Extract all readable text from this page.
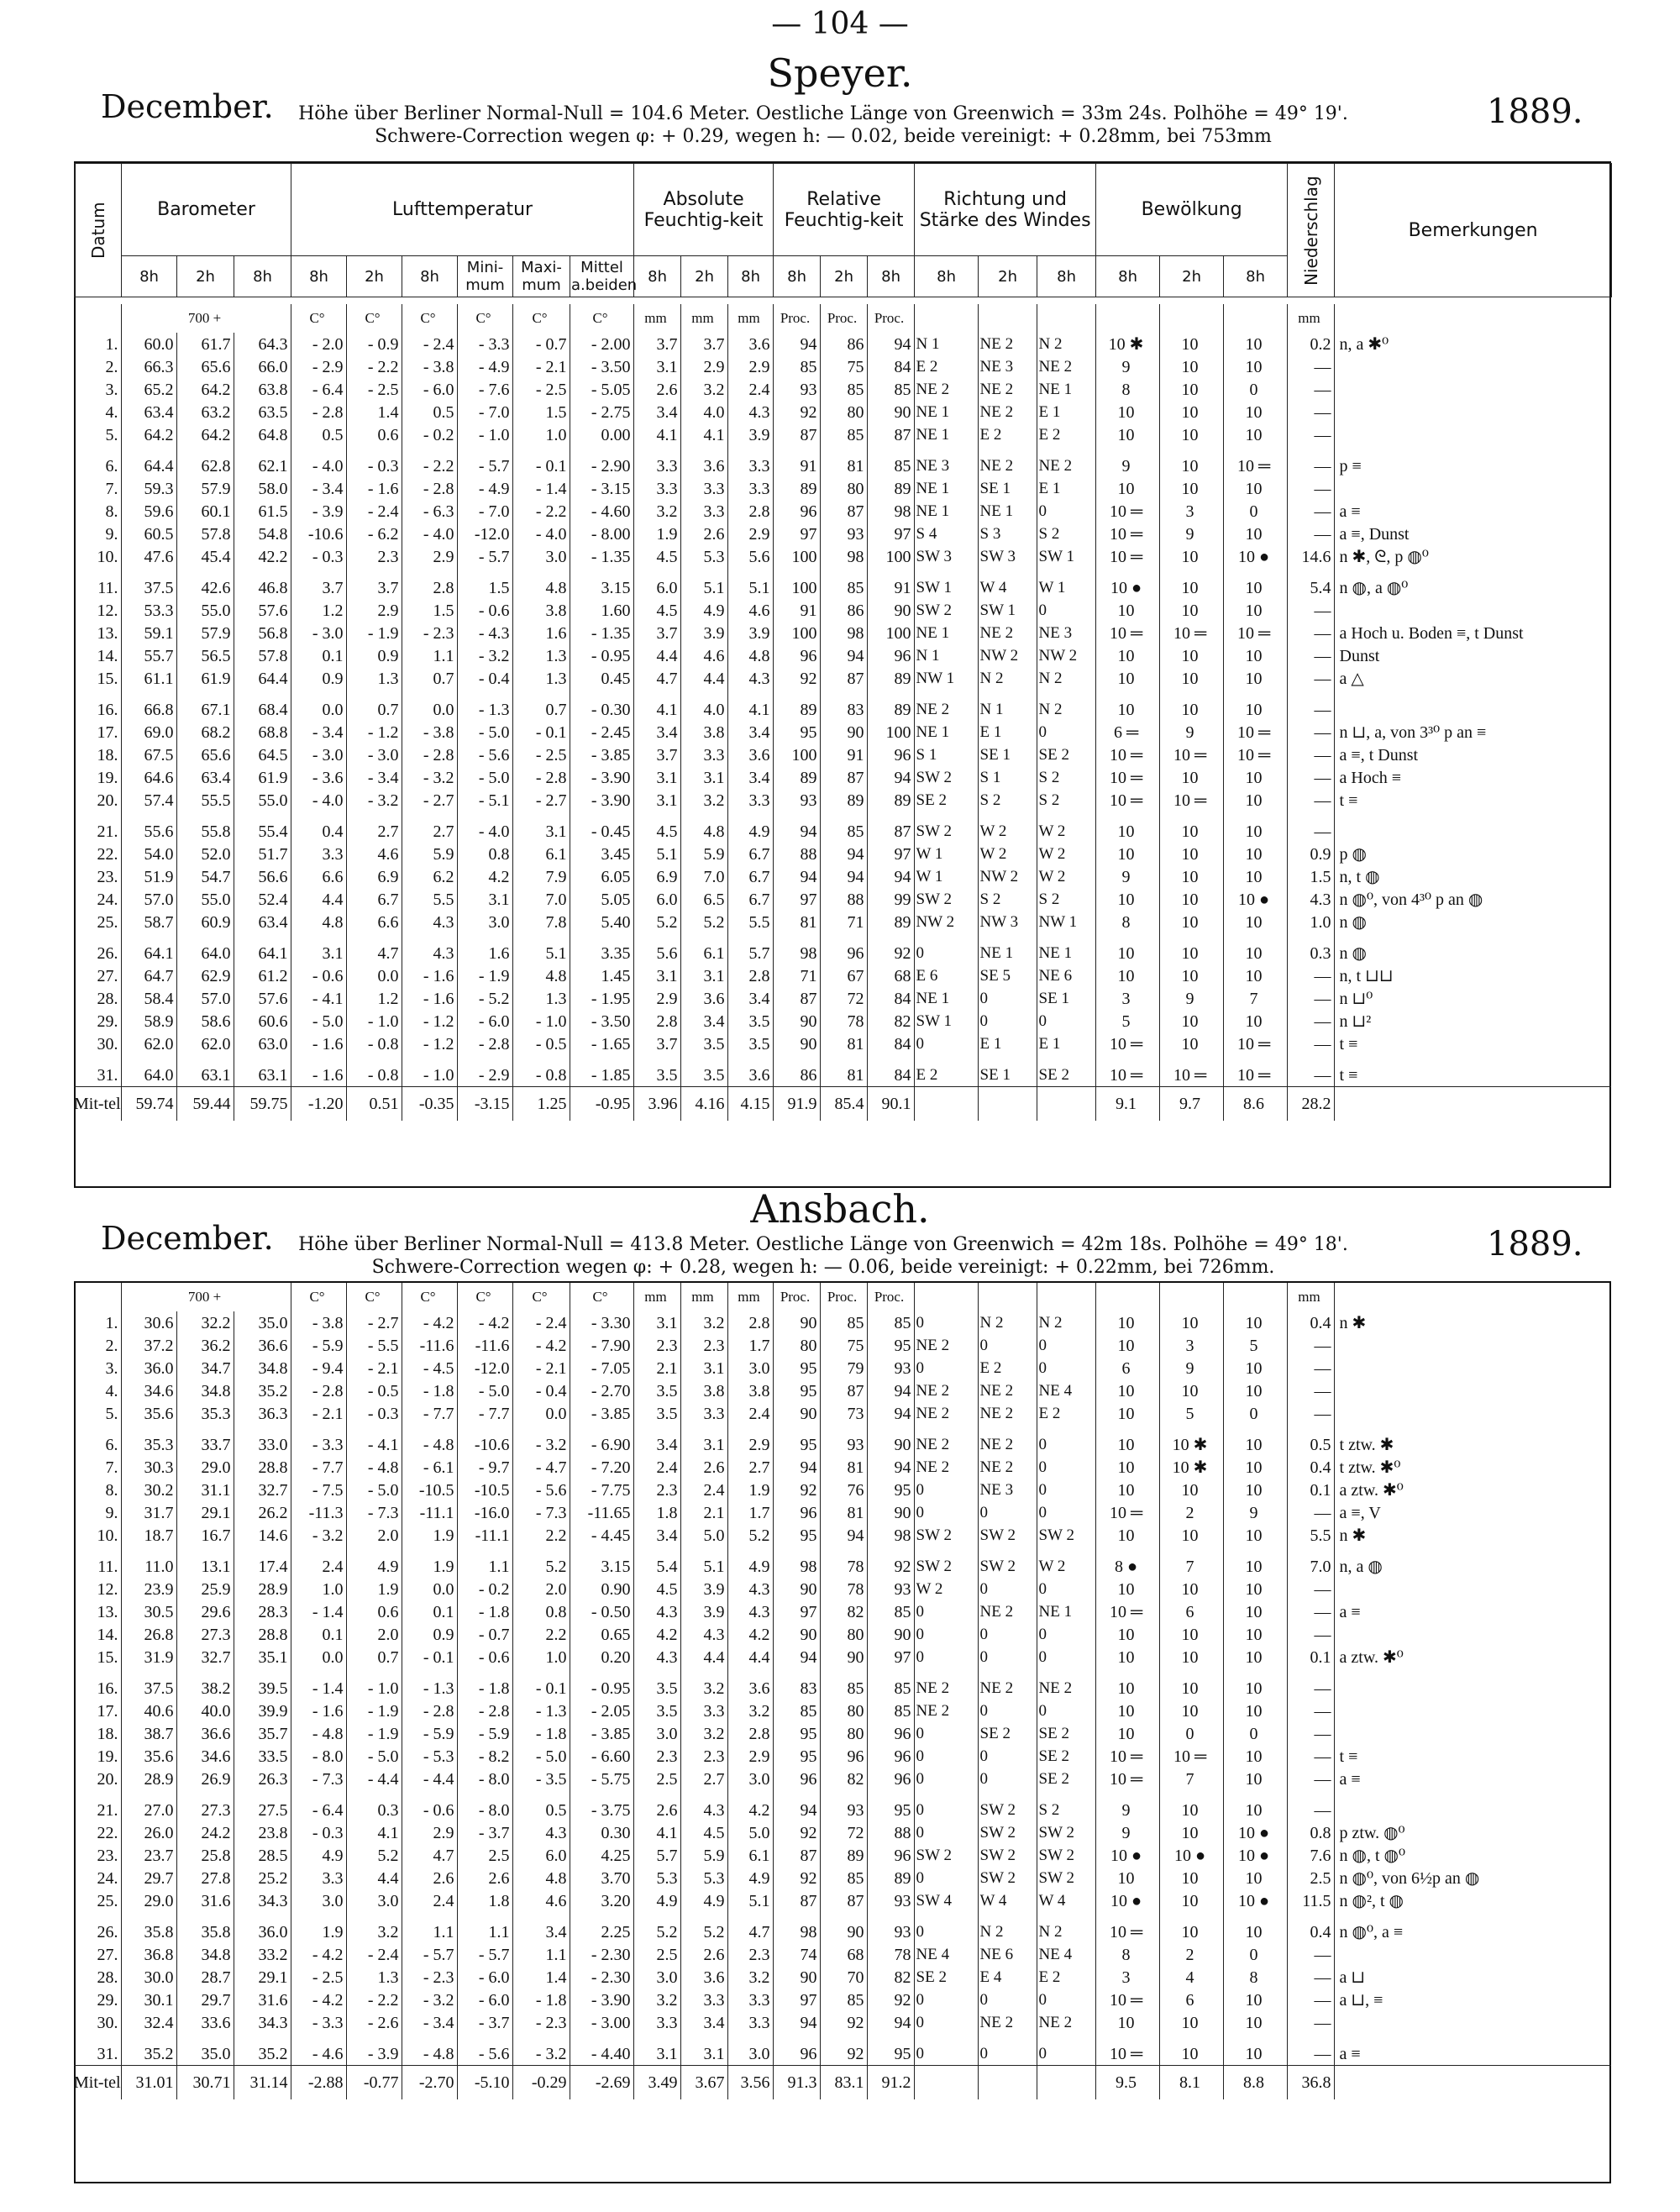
— 104 —
Speyer.
December.	1889.
Höhe über Berliner Normal-Null = 104.6 Meter. Oestliche Länge von Greenwich = 33m 24s. Polhöhe = 49° 19'.
Schwere-Correction wegen φ: + 0.29, wegen h: — 0.02, beide vereinigt: + 0.28mm, bei 753mm
Datum	Barometer			Lufttemperatur						Absolute Feuchtig-keit			Relative Feuchtig-keit			Richtung und Stärke des Windes			Bewölkung			Niederschlag	Bemerkungen
	8h	2h	8h	8h	2h	8h	Mini-mum	Maxi-mum	Mittel a.beiden	8h	2h	8h	8h	2h	8h	8h	2h	8h	8h	2h	8h		
	700 +			C°	C°	C°	C°	C°	C°	mm	mm	mm	Proc.	Proc.	Proc.							mm	
1.	60.0	61.7	64.3	- 2.0	- 0.9	- 2.4	- 3.3	- 0.7	- 2.00	3.7	3.7	3.6	94	86	94	N 1	NE 2	N 2	10 ✱	10	10	0.2	n, a ✱⁰
2.	66.3	65.6	66.0	- 2.9	- 2.2	- 3.8	- 4.9	- 2.1	- 3.50	3.1	2.9	2.9	85	75	84	E 2	NE 3	NE 2	9	10	10	—	
3.	65.2	64.2	63.8	- 6.4	- 2.5	- 6.0	- 7.6	- 2.5	- 5.05	2.6	3.2	2.4	93	85	85	NE 2	NE 2	NE 1	8	10	0	—	
4.	63.4	63.2	63.5	- 2.8	1.4	0.5	- 7.0	1.5	- 2.75	3.4	4.0	4.3	92	80	90	NE 1	NE 2	E 1	10	10	10	—	
5.	64.2	64.2	64.8	0.5	0.6	- 0.2	- 1.0	1.0	0.00	4.1	4.1	3.9	87	85	87	NE 1	E 2	E 2	10	10	10	—	
6.	64.4	62.8	62.1	- 4.0	- 0.3	- 2.2	- 5.7	- 0.1	- 2.90	3.3	3.6	3.3	91	81	85	NE 3	NE 2	NE 2	9	10	10 ═	—	p ≡
7.	59.3	57.9	58.0	- 3.4	- 1.6	- 2.8	- 4.9	- 1.4	- 3.15	3.3	3.3	3.3	89	80	89	NE 1	SE 1	E 1	10	10	10	—	
8.	59.6	60.1	61.5	- 3.9	- 2.4	- 6.3	- 7.0	- 2.2	- 4.60	3.2	3.3	2.8	96	87	98	NE 1	NE 1	0	10 ═	3	0	—	a ≡
9.	60.5	57.8	54.8	-10.6	- 6.2	- 4.0	-12.0	- 4.0	- 8.00	1.9	2.6	2.9	97	93	97	S 4	S 3	S 2	10 ═	9	10	—	a ≡, Dunst
10.	47.6	45.4	42.2	- 0.3	2.3	2.9	- 5.7	3.0	- 1.35	4.5	5.3	5.6	100	98	100	SW 3	SW 3	SW 1	10 ═	10	10 ●	14.6	n ✱, ᘓ, p ◍⁰
11.	37.5	42.6	46.8	3.7	3.7	2.8	1.5	4.8	3.15	6.0	5.1	5.1	100	85	91	SW 1	W 4	W 1	10 ●	10	10	5.4	n ◍, a ◍⁰
12.	53.3	55.0	57.6	1.2	2.9	1.5	- 0.6	3.8	1.60	4.5	4.9	4.6	91	86	90	SW 2	SW 1	0	10	10	10	—	
13.	59.1	57.9	56.8	- 3.0	- 1.9	- 2.3	- 4.3	1.6	- 1.35	3.7	3.9	3.9	100	98	100	NE 1	NE 2	NE 3	10 ═	10 ═	10 ═	—	a Hoch u. Boden ≡, t Dunst
14.	55.7	56.5	57.8	0.1	0.9	1.1	- 3.2	1.3	- 0.95	4.4	4.6	4.8	96	94	96	N 1	NW 2	NW 2	10	10	10	—	Dunst
15.	61.1	61.9	64.4	0.9	1.3	0.7	- 0.4	1.3	0.45	4.7	4.4	4.3	92	87	89	NW 1	N 2	N 2	10	10	10	—	a △
16.	66.8	67.1	68.4	0.0	0.7	0.0	- 1.3	0.7	- 0.30	4.1	4.0	4.1	89	83	89	NE 2	N 1	N 2	10	10	10	—	
17.	69.0	68.2	68.8	- 3.4	- 1.2	- 3.8	- 5.0	- 0.1	- 2.45	3.4	3.8	3.4	95	90	100	NE 1	E 1	0	6 ═	9	10 ═	—	n ⊔, a, von 3³⁰ p an ≡
18.	67.5	65.6	64.5	- 3.0	- 3.0	- 2.8	- 5.6	- 2.5	- 3.85	3.7	3.3	3.6	100	91	96	S 1	SE 1	SE 2	10 ═	10 ═	10 ═	—	a ≡, t Dunst
19.	64.6	63.4	61.9	- 3.6	- 3.4	- 3.2	- 5.0	- 2.8	- 3.90	3.1	3.1	3.4	89	87	94	SW 2	S 1	S 2	10 ═	10	10	—	a Hoch ≡
20.	57.4	55.5	55.0	- 4.0	- 3.2	- 2.7	- 5.1	- 2.7	- 3.90	3.1	3.2	3.3	93	89	89	SE 2	S 2	S 2	10 ═	10 ═	10	—	t ≡
21.	55.6	55.8	55.4	0.4	2.7	2.7	- 4.0	3.1	- 0.45	4.5	4.8	4.9	94	85	87	SW 2	W 2	W 2	10	10	10	—	
22.	54.0	52.0	51.7	3.3	4.6	5.9	0.8	6.1	3.45	5.1	5.9	6.7	88	94	97	W 1	W 2	W 2	10	10	10	0.9	p ◍
23.	51.9	54.7	56.6	6.6	6.9	6.2	4.2	7.9	6.05	6.9	7.0	6.7	94	94	94	W 1	NW 2	W 2	9	10	10	1.5	n, t ◍
24.	57.0	55.0	52.4	4.4	6.7	5.5	3.1	7.0	5.05	6.0	6.5	6.7	97	88	99	SW 2	S 2	S 2	10	10	10 ●	4.3	n ◍⁰, von 4³⁰ p an ◍
25.	58.7	60.9	63.4	4.8	6.6	4.3	3.0	7.8	5.40	5.2	5.2	5.5	81	71	89	NW 2	NW 3	NW 1	8	10	10	1.0	n ◍
26.	64.1	64.0	64.1	3.1	4.7	4.3	1.6	5.1	3.35	5.6	6.1	5.7	98	96	92	0	NE 1	NE 1	10	10	10	0.3	n ◍
27.	64.7	62.9	61.2	- 0.6	0.0	- 1.6	- 1.9	4.8	1.45	3.1	3.1	2.8	71	67	68	E 6	SE 5	NE 6	10	10	10	—	n, t ⊔⊔
28.	58.4	57.0	57.6	- 4.1	1.2	- 1.6	- 5.2	1.3	- 1.95	2.9	3.6	3.4	87	72	84	NE 1	0	SE 1	3	9	7	—	n ⊔⁰
29.	58.9	58.6	60.6	- 5.0	- 1.0	- 1.2	- 6.0	- 1.0	- 3.50	2.8	3.4	3.5	90	78	82	SW 1	0	0	5	10	10	—	n ⊔²
30.	62.0	62.0	63.0	- 1.6	- 0.8	- 1.2	- 2.8	- 0.5	- 1.65	3.7	3.5	3.5	90	81	84	0	E 1	E 1	10 ═	10	10 ═	—	t ≡
31.	64.0	63.1	63.1	- 1.6	- 0.8	- 1.0	- 2.9	- 0.8	- 1.85	3.5	3.5	3.6	86	81	84	E 2	SE 1	SE 2	10 ═	10 ═	10 ═	—	t ≡
Mit-tel	59.74	59.44	59.75	-1.20	0.51	-0.35	-3.15	1.25	-0.95	3.96	4.16	4.15	91.9	85.4	90.1				9.1	9.7	8.6	28.2	
Ansbach.
December.	1889.
Höhe über Berliner Normal-Null = 413.8 Meter. Oestliche Länge von Greenwich = 42m 18s. Polhöhe = 49° 18'.
Schwere-Correction wegen φ: + 0.28, wegen h: — 0.06, beide vereinigt: + 0.22mm, bei 726mm.
	700 +			C°	C°	C°	C°	C°	C°	mm	mm	mm	Proc.	Proc.	Proc.							mm	
1.	30.6	32.2	35.0	- 3.8	- 2.7	- 4.2	- 4.2	- 2.4	- 3.30	3.1	3.2	2.8	90	85	85	0	N 2	N 2	10	10	10	0.4	n ✱
2.	37.2	36.2	36.6	- 5.9	- 5.5	-11.6	-11.6	- 4.2	- 7.90	2.3	2.3	1.7	80	75	95	NE 2	0	0	10	3	5	—	
3.	36.0	34.7	34.8	- 9.4	- 2.1	- 4.5	-12.0	- 2.1	- 7.05	2.1	3.1	3.0	95	79	93	0	E 2	0	6	9	10	—	
4.	34.6	34.8	35.2	- 2.8	- 0.5	- 1.8	- 5.0	- 0.4	- 2.70	3.5	3.8	3.8	95	87	94	NE 2	NE 2	NE 4	10	10	10	—	
5.	35.6	35.3	36.3	- 2.1	- 0.3	- 7.7	- 7.7	0.0	- 3.85	3.5	3.3	2.4	90	73	94	NE 2	NE 2	E 2	10	5	0	—	
6.	35.3	33.7	33.0	- 3.3	- 4.1	- 4.8	-10.6	- 3.2	- 6.90	3.4	3.1	2.9	95	93	90	NE 2	NE 2	0	10	10 ✱	10	0.5	t ztw. ✱
7.	30.3	29.0	28.8	- 7.7	- 4.8	- 6.1	- 9.7	- 4.7	- 7.20	2.4	2.6	2.7	94	81	94	NE 2	NE 2	0	10	10 ✱	10	0.4	t ztw. ✱⁰
8.	30.2	31.1	32.7	- 7.5	- 5.0	-10.5	-10.5	- 5.6	- 7.75	2.3	2.4	1.9	92	76	95	0	NE 3	0	10	10	10	0.1	a ztw. ✱⁰
9.	31.7	29.1	26.2	-11.3	- 7.3	-11.1	-16.0	- 7.3	-11.65	1.8	2.1	1.7	96	81	90	0	0	0	10 ═	2	9	—	a ≡, V
10.	18.7	16.7	14.6	- 3.2	2.0	1.9	-11.1	2.2	- 4.45	3.4	5.0	5.2	95	94	98	SW 2	SW 2	SW 2	10	10	10	5.5	n ✱
11.	11.0	13.1	17.4	2.4	4.9	1.9	1.1	5.2	3.15	5.4	5.1	4.9	98	78	92	SW 2	SW 2	W 2	8 ●	7	10	7.0	n, a ◍
12.	23.9	25.9	28.9	1.0	1.9	0.0	- 0.2	2.0	0.90	4.5	3.9	4.3	90	78	93	W 2	0	0	10	10	10	—	
13.	30.5	29.6	28.3	- 1.4	0.6	0.1	- 1.8	0.8	- 0.50	4.3	3.9	4.3	97	82	85	0	NE 2	NE 1	10 ═	6	10	—	a ≡
14.	26.8	27.3	28.8	0.1	2.0	0.9	- 0.7	2.2	0.65	4.2	4.3	4.2	90	80	90	0	0	0	10	10	10	—	
15.	31.9	32.7	35.1	0.0	0.7	- 0.1	- 0.6	1.0	0.20	4.3	4.4	4.4	94	90	97	0	0	0	10	10	10	0.1	a ztw. ✱⁰
16.	37.5	38.2	39.5	- 1.4	- 1.0	- 1.3	- 1.8	- 0.1	- 0.95	3.5	3.2	3.6	83	85	85	NE 2	NE 2	NE 2	10	10	10	—	
17.	40.6	40.0	39.9	- 1.6	- 1.9	- 2.8	- 2.8	- 1.3	- 2.05	3.5	3.3	3.2	85	80	85	NE 2	0	0	10	10	10	—	
18.	38.7	36.6	35.7	- 4.8	- 1.9	- 5.9	- 5.9	- 1.8	- 3.85	3.0	3.2	2.8	95	80	96	0	SE 2	SE 2	10	0	0	—	
19.	35.6	34.6	33.5	- 8.0	- 5.0	- 5.3	- 8.2	- 5.0	- 6.60	2.3	2.3	2.9	95	96	96	0	0	SE 2	10 ═	10 ═	10	—	t ≡
20.	28.9	26.9	26.3	- 7.3	- 4.4	- 4.4	- 8.0	- 3.5	- 5.75	2.5	2.7	3.0	96	82	96	0	0	SE 2	10 ═	7	10	—	a ≡
21.	27.0	27.3	27.5	- 6.4	0.3	- 0.6	- 8.0	0.5	- 3.75	2.6	4.3	4.2	94	93	95	0	SW 2	S 2	9	10	10	—	
22.	26.0	24.2	23.8	- 0.3	4.1	2.9	- 3.7	4.3	0.30	4.1	4.5	5.0	92	72	88	0	SW 2	SW 2	9	10	10 ●	0.8	p ztw. ◍⁰
23.	23.7	25.8	28.5	4.9	5.2	4.7	2.5	6.0	4.25	5.7	5.9	6.1	87	89	96	SW 2	SW 2	SW 2	10 ●	10 ●	10 ●	7.6	n ◍, t ◍⁰
24.	29.7	27.8	25.2	3.3	4.4	2.6	2.6	4.8	3.70	5.3	5.3	4.9	92	85	89	0	SW 2	SW 2	10	10	10	2.5	n ◍⁰, von 6½p an ◍
25.	29.0	31.6	34.3	3.0	3.0	2.4	1.8	4.6	3.20	4.9	4.9	5.1	87	87	93	SW 4	W 4	W 4	10 ●	10	10 ●	11.5	n ◍², t ◍
26.	35.8	35.8	36.0	1.9	3.2	1.1	1.1	3.4	2.25	5.2	5.2	4.7	98	90	93	0	N 2	N 2	10 ═	10	10	0.4	n ◍⁰, a ≡
27.	36.8	34.8	33.2	- 4.2	- 2.4	- 5.7	- 5.7	1.1	- 2.30	2.5	2.6	2.3	74	68	78	NE 4	NE 6	NE 4	8	2	0	—	
28.	30.0	28.7	29.1	- 2.5	1.3	- 2.3	- 6.0	1.4	- 2.30	3.0	3.6	3.2	90	70	82	SE 2	E 4	E 2	3	4	8	—	a ⊔
29.	30.1	29.7	31.6	- 4.2	- 2.2	- 3.2	- 6.0	- 1.8	- 3.90	3.2	3.3	3.3	97	85	92	0	0	0	10 ═	6	10	—	a ⊔, ≡
30.	32.4	33.6	34.3	- 3.3	- 2.6	- 3.4	- 3.7	- 2.3	- 3.00	3.3	3.4	3.3	94	92	94	0	NE 2	NE 2	10	10	10	—	
31.	35.2	35.0	35.2	- 4.6	- 3.9	- 4.8	- 5.6	- 3.2	- 4.40	3.1	3.1	3.0	96	92	95	0	0	0	10 ═	10	10	—	a ≡
Mit-tel	31.01	30.71	31.14	-2.88	-0.77	-2.70	-5.10	-0.29	-2.69	3.49	3.67	3.56	91.3	83.1	91.2				9.5	8.1	8.8	36.8	
